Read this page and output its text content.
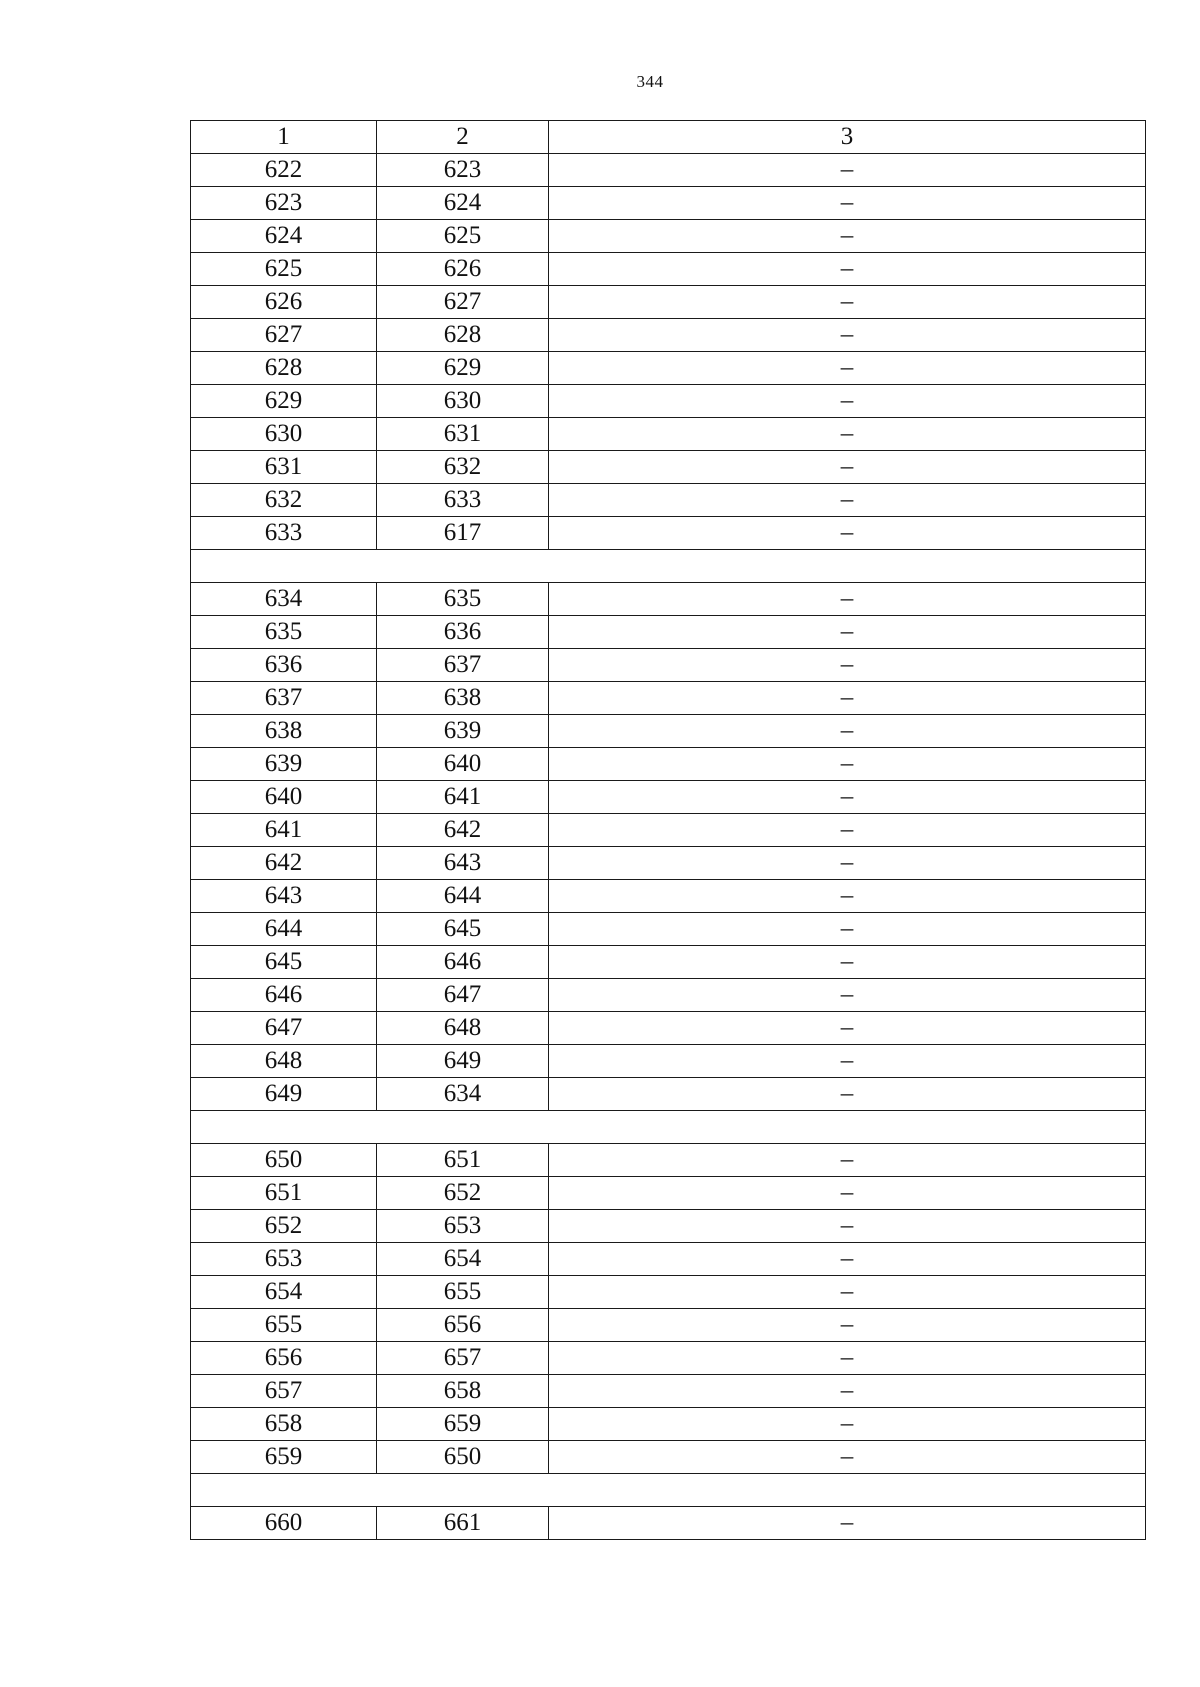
344
1	2	3
622	623	–
623	624	–
624	625	–
625	626	–
626	627	–
627	628	–
628	629	–
629	630	–
630	631	–
631	632	–
632	633	–
633	617	–

634	635	–
635	636	–
636	637	–
637	638	–
638	639	–
639	640	–
640	641	–
641	642	–
642	643	–
643	644	–
644	645	–
645	646	–
646	647	–
647	648	–
648	649	–
649	634	–

650	651	–
651	652	–
652	653	–
653	654	–
654	655	–
655	656	–
656	657	–
657	658	–
658	659	–
659	650	–

660	661	–
